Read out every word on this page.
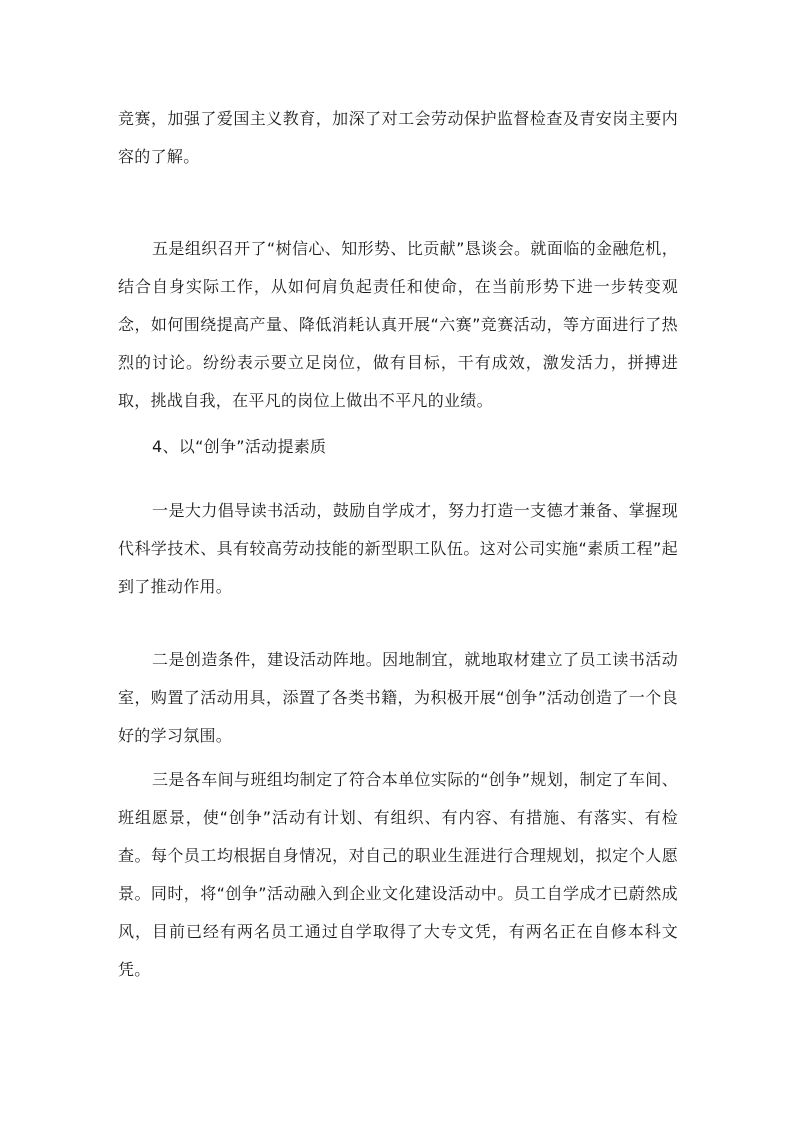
竞赛，加强了爱国主义教育，加深了对工会劳动保护监督检查及青安岗主要内容的了解。

五是组织召开了“树信心、知形势、比贡献”恳谈会。就面临的金融危机，结合自身实际工作，从如何肩负起责任和使命，在当前形势下进一步转变观念，如何围绕提高产量、降低消耗认真开展“六赛”竞赛活动，等方面进行了热烈的讨论。纷纷表示要立足岗位，做有目标，干有成效，激发活力，拼搏进取，挑战自我，在平凡的岗位上做出不平凡的业绩。

4、以“创争”活动提素质

一是大力倡导读书活动，鼓励自学成才，努力打造一支德才兼备、掌握现代科学技术、具有较高劳动技能的新型职工队伍。这对公司实施“素质工程”起到了推动作用。

二是创造条件，建设活动阵地。因地制宜，就地取材建立了员工读书活动室，购置了活动用具，添置了各类书籍，为积极开展“创争”活动创造了一个良好的学习氛围。

三是各车间与班组均制定了符合本单位实际的“创争”规划，制定了车间、班组愿景，使“创争”活动有计划、有组织、有内容、有措施、有落实、有检查。每个员工均根据自身情况，对自己的职业生涯进行合理规划，拟定个人愿景。同时，将“创争”活动融入到企业文化建设活动中。员工自学成才已蔚然成风，目前已经有两名员工通过自学取得了大专文凭，有两名正在自修本科文凭。
